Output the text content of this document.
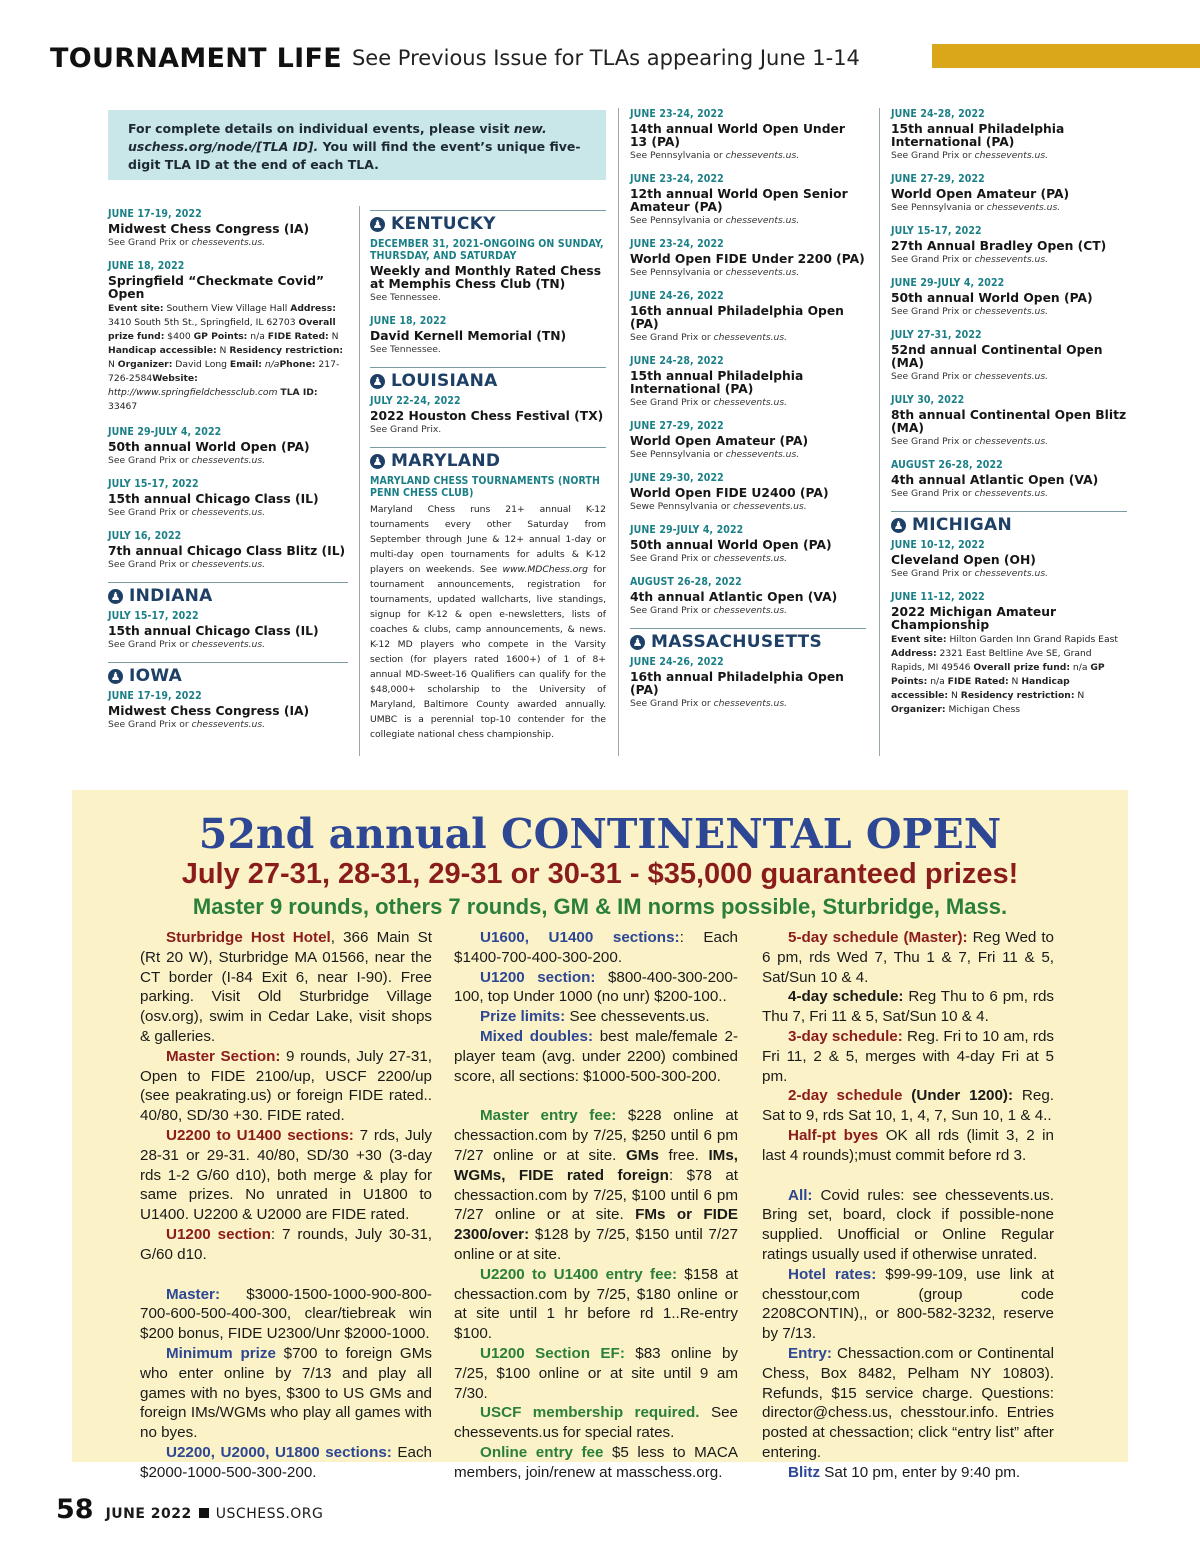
TOURNAMENT LIFE See Previous Issue for TLAs appearing June 1-14
For complete details on individual events, please visit new. uschess.org/node/[TLA ID]. You will find the event’s unique five-digit TLA ID at the end of each TLA.
JUNE 17-19, 2022
Midwest Chess Congress (IA)
See Grand Prix or chessevents.us.
JUNE 18, 2022
Springfield “Checkmate Covid” Open
Event site: Southern View Village Hall Address: 3410 South 5th St., Springfield, IL 62703 Overall prize fund: $400 GP Points: n/a FIDE Rated: N Handicap accessible: N Residency restriction: N Organizer: David Long Email: n/aPhone: 217-726-2584Website: http://www.springfieldchessclub.com TLA ID: 33467
JUNE 29-JULY 4, 2022
50th annual World Open (PA)
See Grand Prix or chessevents.us.
JULY 15-17, 2022
15th annual Chicago Class (IL)
See Grand Prix or chessevents.us.
JULY 16, 2022
7th annual Chicago Class Blitz (IL)
See Grand Prix or chessevents.us.
♟ INDIANA
JULY 15-17, 2022
15th annual Chicago Class (IL)
See Grand Prix or chessevents.us.
♟ IOWA
JUNE 17-19, 2022
Midwest Chess Congress (IA)
See Grand Prix or chessevents.us.
♟ KENTUCKY
DECEMBER 31, 2021-ONGOING ON SUNDAY, THURSDAY, AND SATURDAY
Weekly and Monthly Rated Chess at Memphis Chess Club (TN)
See Tennessee.
JUNE 18, 2022
David Kernell Memorial (TN)
See Tennessee.
♟ LOUISIANA
JULY 22-24, 2022
2022 Houston Chess Festival (TX)
See Grand Prix.
♟ MARYLAND
MARYLAND CHESS TOURNAMENTS (NORTH PENN CHESS CLUB)
Maryland Chess runs 21+ annual K-12 tournaments every other Saturday from September through June & 12+ annual 1-day or multi-day open tournaments for adults & K-12 players on weekends. See www.MDChess.org for tournament announcements, registration for tournaments, updated wallcharts, live standings, signup for K-12 & open e-newsletters, lists of coaches & clubs, camp announcements, & news. K-12 MD players who compete in the Varsity section (for players rated 1600+) of 1 of 8+ annual MD-Sweet-16 Qualifiers can qualify for the $48,000+ scholarship to the University of Maryland, Baltimore County awarded annually. UMBC is a perennial top-10 contender for the collegiate national chess championship.
JUNE 23-24, 2022
14th annual World Open Under 13 (PA)
See Pennsylvania or chessevents.us.
JUNE 23-24, 2022
12th annual World Open Senior Amateur (PA)
See Pennsylvania or chessevents.us.
JUNE 23-24, 2022
World Open FIDE Under 2200 (PA)
See Pennsylvania or chessevents.us.
JUNE 24-26, 2022
16th annual Philadelphia Open (PA)
See Grand Prix or chessevents.us.
JUNE 24-28, 2022
15th annual Philadelphia International (PA)
See Grand Prix or chessevents.us.
JUNE 27-29, 2022
World Open Amateur (PA)
See Pennsylvania or chessevents.us.
JUNE 29-30, 2022
World Open FIDE U2400 (PA)
Sewe Pennsylvania or chessevents.us.
JUNE 29-JULY 4, 2022
50th annual World Open (PA)
See Grand Prix or chessevents.us.
AUGUST 26-28, 2022
4th annual Atlantic Open (VA)
See Grand Prix or chessevents.us.
♟ MASSACHUSETTS
JUNE 24-26, 2022
16th annual Philadelphia Open (PA)
See Grand Prix or chessevents.us.
JUNE 24-28, 2022
15th annual Philadelphia International (PA)
See Grand Prix or chessevents.us.
JUNE 27-29, 2022
World Open Amateur (PA)
See Pennsylvania or chessevents.us.
JULY 15-17, 2022
27th Annual Bradley Open (CT)
See Grand Prix or chessevents.us.
JUNE 29-JULY 4, 2022
50th annual World Open (PA)
See Grand Prix or chessevents.us.
JULY 27-31, 2022
52nd annual Continental Open (MA)
See Grand Prix or chessevents.us.
JULY 30, 2022
8th annual Continental Open Blitz (MA)
See Grand Prix or chessevents.us.
AUGUST 26-28, 2022
4th annual Atlantic Open (VA)
See Grand Prix or chessevents.us.
♟ MICHIGAN
JUNE 10-12, 2022
Cleveland Open (OH)
See Grand Prix or chessevents.us.
JUNE 11-12, 2022
2022 Michigan Amateur Championship
Event site: Hilton Garden Inn Grand Rapids East Address: 2321 East Beltline Ave SE, Grand Rapids, MI 49546 Overall prize fund: n/a GP Points: n/a FIDE Rated: N Handicap accessible: N Residency restriction: N Organizer: Michigan Chess
52nd annual CONTINENTAL OPEN
July 27-31, 28-31, 29-31 or 30-31 - $35,000 guaranteed prizes!
Master 9 rounds, others 7 rounds, GM & IM norms possible, Sturbridge, Mass.

Sturbridge Host Hotel, 366 Main St (Rt 20 W), Sturbridge MA 01566, near the CT border (I-84 Exit 6, near I-90). Free parking. Visit Old Sturbridge Village (osv.org), swim in Cedar Lake, visit shops & galleries.

Master Section: 9 rounds, July 27-31, Open to FIDE 2100/up, USCF 2200/up (see peakrating.us) or foreign FIDE rated.. 40/80, SD/30 +30. FIDE rated.

U2200 to U1400 sections: 7 rds, July 28-31 or 29-31. 40/80, SD/30 +30 (3-day rds 1-2 G/60 d10), both merge & play for same prizes. No unrated in U1800 to U1400. U2200 & U2000 are FIDE rated.

U1200 section: 7 rounds, July 30-31, G/60 d10.

Master: $3000-1500-1000-900-800-700-600-500-400-300, clear/tiebreak win $200 bonus, FIDE U2300/Unr $2000-1000.

Minimum prize $700 to foreign GMs who enter online by 7/13 and play all games with no byes, $300 to US GMs and foreign IMs/WGMs who play all games with no byes.

U2200, U2000, U1800 sections: Each $2000-1000-500-300-200.

U1600, U1400 sections:: Each $1400-700-400-300-200.

U1200 section: $800-400-300-200-100, top Under 1000 (no unr) $200-100..

Prize limits: See chessevents.us.

Mixed doubles: best male/female 2-player team (avg. under 2200) combined score, all sections: $1000-500-300-200.

Master entry fee: $228 online at chessaction.com by 7/25, $250 until 6 pm 7/27 online or at site. GMs free. IMs, WGMs, FIDE rated foreign: $78 at chessaction.com by 7/25, $100 until 6 pm 7/27 online or at site. FMs or FIDE 2300/over: $128 by 7/25, $150 until 7/27 online or at site.

U2200 to U1400 entry fee: $158 at chessaction.com by 7/25, $180 online or at site until 1 hr before rd 1..Re-entry $100.

U1200 Section EF: $83 online by 7/25, $100 online or at site until 9 am 7/30.

USCF membership required. See chessevents.us for special rates.

Online entry fee $5 less to MACA members, join/renew at masschess.org.

5-day schedule (Master): Reg Wed to 6 pm, rds Wed 7, Thu 1 & 7, Fri 11 & 5, Sat/Sun 10 & 4.

4-day schedule: Reg Thu to 6 pm, rds Thu 7, Fri 11 & 5, Sat/Sun 10 & 4.

3-day schedule: Reg. Fri to 10 am, rds Fri 11, 2 & 5, merges with 4-day Fri at 5 pm.

2-day schedule (Under 1200): Reg. Sat to 9, rds Sat 10, 1, 4, 7, Sun 10, 1 & 4..

Half-pt byes OK all rds (limit 3, 2 in last 4 rounds);must commit before rd 3.

All: Covid rules: see chessevents.us. Bring set, board, clock if possible-none supplied. Unofficial or Online Regular ratings usually used if otherwise unrated.

Hotel rates: $99-99-109, use link at chesstour,com (group code 2208CONTIN),, or 800-582-3232, reserve by 7/13.

Entry: Chessaction.com or Continental Chess, Box 8482, Pelham NY 10803). Refunds, $15 service charge. Questions: director@chess.us, chesstour.info. Entries posted at chessaction; click “entry list” after entering.

Blitz Sat 10 pm, enter by 9:40 pm.

58 JUNE 2022 USCHESS.ORG
